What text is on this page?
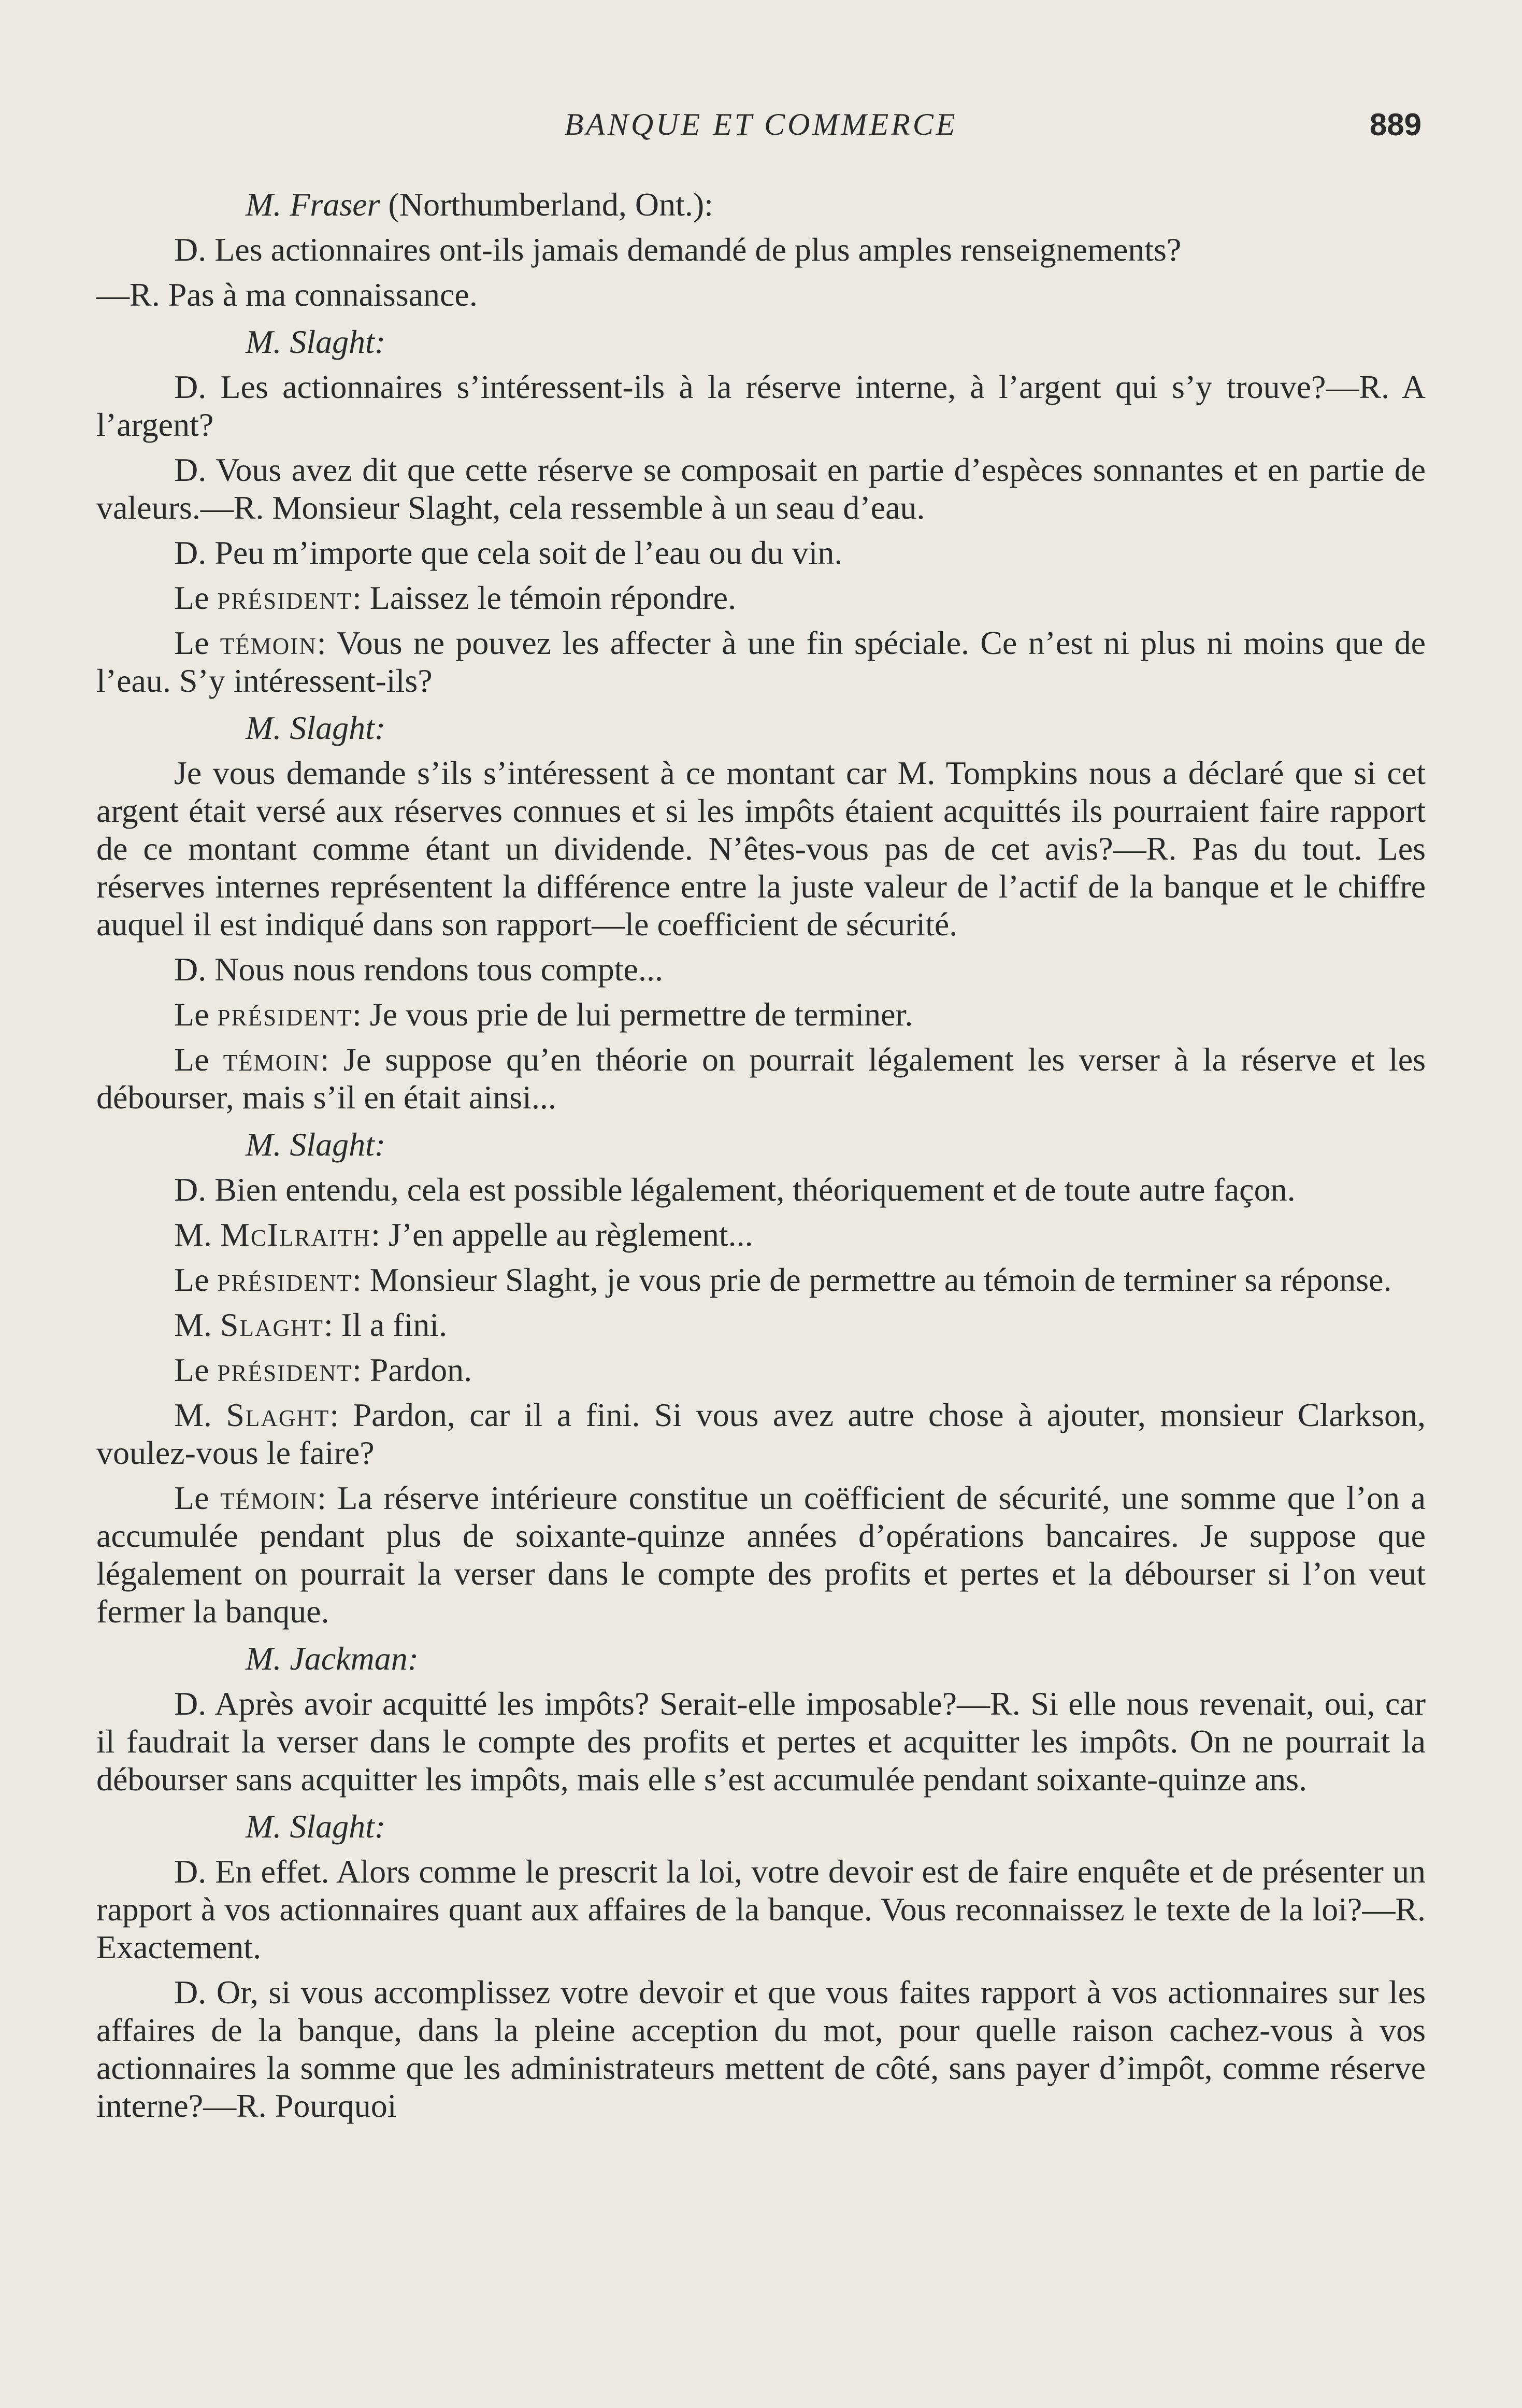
BANQUE ET COMMERCE	889
M. Fraser (Northumberland, Ont.):

D. Les actionnaires ont-ils jamais demandé de plus amples renseignements?

—R. Pas à ma connaissance.

M. Slaght:

D. Les actionnaires s’intéressent-ils à la réserve interne, à l’argent qui s’y trouve?—R. A l’argent?

D. Vous avez dit que cette réserve se composait en partie d’espèces sonnantes et en partie de valeurs.—R. Monsieur Slaght, cela ressemble à un seau d’eau.

D. Peu m’importe que cela soit de l’eau ou du vin.

Le président: Laissez le témoin répondre.

Le témoin: Vous ne pouvez les affecter à une fin spéciale. Ce n’est ni plus ni moins que de l’eau. S’y intéressent-ils?

M. Slaght:

Je vous demande s’ils s’intéressent à ce montant car M. Tompkins nous a déclaré que si cet argent était versé aux réserves connues et si les impôts étaient acquittés ils pourraient faire rapport de ce montant comme étant un dividende. N’êtes-vous pas de cet avis?—R. Pas du tout. Les réserves internes représentent la différence entre la juste valeur de l’actif de la banque et le chiffre auquel il est indiqué dans son rapport—le coefficient de sécurité.

D. Nous nous rendons tous compte...

Le président: Je vous prie de lui permettre de terminer.

Le témoin: Je suppose qu’en théorie on pourrait légalement les verser à la réserve et les débourser, mais s’il en était ainsi...

M. Slaght:

D. Bien entendu, cela est possible légalement, théoriquement et de toute autre façon.

M. McIlraith: J’en appelle au règlement...

Le président: Monsieur Slaght, je vous prie de permettre au témoin de terminer sa réponse.

M. Slaght: Il a fini.

Le président: Pardon.

M. Slaght: Pardon, car il a fini. Si vous avez autre chose à ajouter, monsieur Clarkson, voulez-vous le faire?

Le témoin: La réserve intérieure constitue un coëfficient de sécurité, une somme que l’on a accumulée pendant plus de soixante-quinze années d’opérations bancaires. Je suppose que légalement on pourrait la verser dans le compte des profits et pertes et la débourser si l’on veut fermer la banque.

M. Jackman:

D. Après avoir acquitté les impôts? Serait-elle imposable?—R. Si elle nous revenait, oui, car il faudrait la verser dans le compte des profits et pertes et acquitter les impôts. On ne pourrait la débourser sans acquitter les impôts, mais elle s’est accumulée pendant soixante-quinze ans.

M. Slaght:

D. En effet. Alors comme le prescrit la loi, votre devoir est de faire enquête et de présenter un rapport à vos actionnaires quant aux affaires de la banque. Vous reconnaissez le texte de la loi?—R. Exactement.

D. Or, si vous accomplissez votre devoir et que vous faites rapport à vos actionnaires sur les affaires de la banque, dans la pleine acception du mot, pour quelle raison cachez-vous à vos actionnaires la somme que les administrateurs mettent de côté, sans payer d’impôt, comme réserve interne?—R. Pourquoi
